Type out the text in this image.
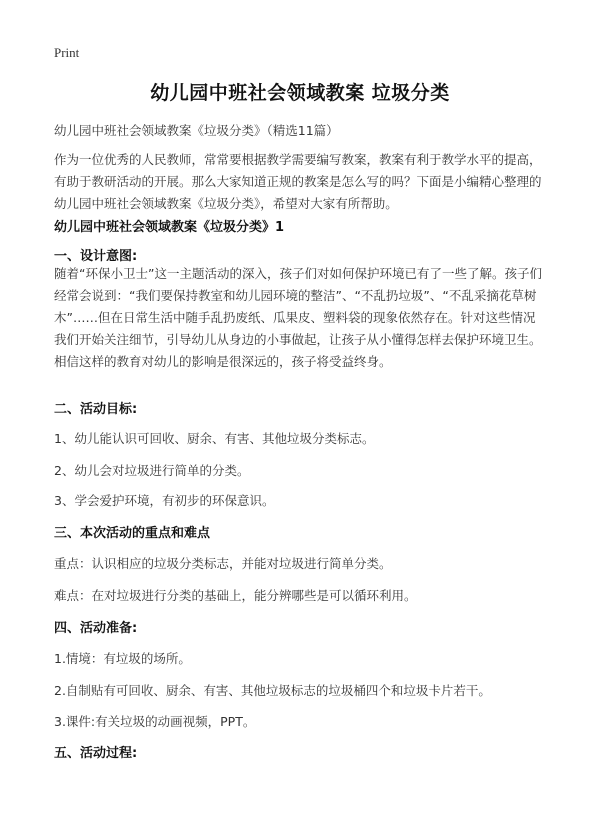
Print
幼儿园中班社会领域教案 垃圾分类
幼儿园中班社会领域教案《垃圾分类》（精选11篇）
作为一位优秀的人民教师，常常要根据教学需要编写教案，教案有利于教学水平的提高，有助于教研活动的开展。那么大家知道正规的教案是怎么写的吗？下面是小编精心整理的幼儿园中班社会领域教案《垃圾分类》，希望对大家有所帮助。
幼儿园中班社会领域教案《垃圾分类》1
一、设计意图:
随着“环保小卫士”这一主题活动的深入，孩子们对如何保护环境已有了一些了解。孩子们经常会说到：“我们要保持教室和幼儿园环境的整洁”、“不乱扔垃圾”、“不乱采摘花草树木”……但在日常生活中随手乱扔废纸、瓜果皮、塑料袋的现象依然存在。针对这些情况我们开始关注细节，引导幼儿从身边的小事做起，让孩子从小懂得怎样去保护环境卫生。相信这样的教育对幼儿的影响是很深远的，孩子将受益终身。
二、活动目标:
1、幼儿能认识可回收、厨余、有害、其他垃圾分类标志。
2、幼儿会对垃圾进行简单的分类。
3、学会爱护环境，有初步的环保意识。
三、本次活动的重点和难点
重点：认识相应的垃圾分类标志，并能对垃圾进行简单分类。
难点：在对垃圾进行分类的基础上，能分辨哪些是可以循环利用。
四、活动准备:
1.情境：有垃圾的场所。
2.自制贴有可回收、厨余、有害、其他垃圾标志的垃圾桶四个和垃圾卡片若干。
3.课件:有关垃圾的动画视频，PPT。
五、活动过程:
